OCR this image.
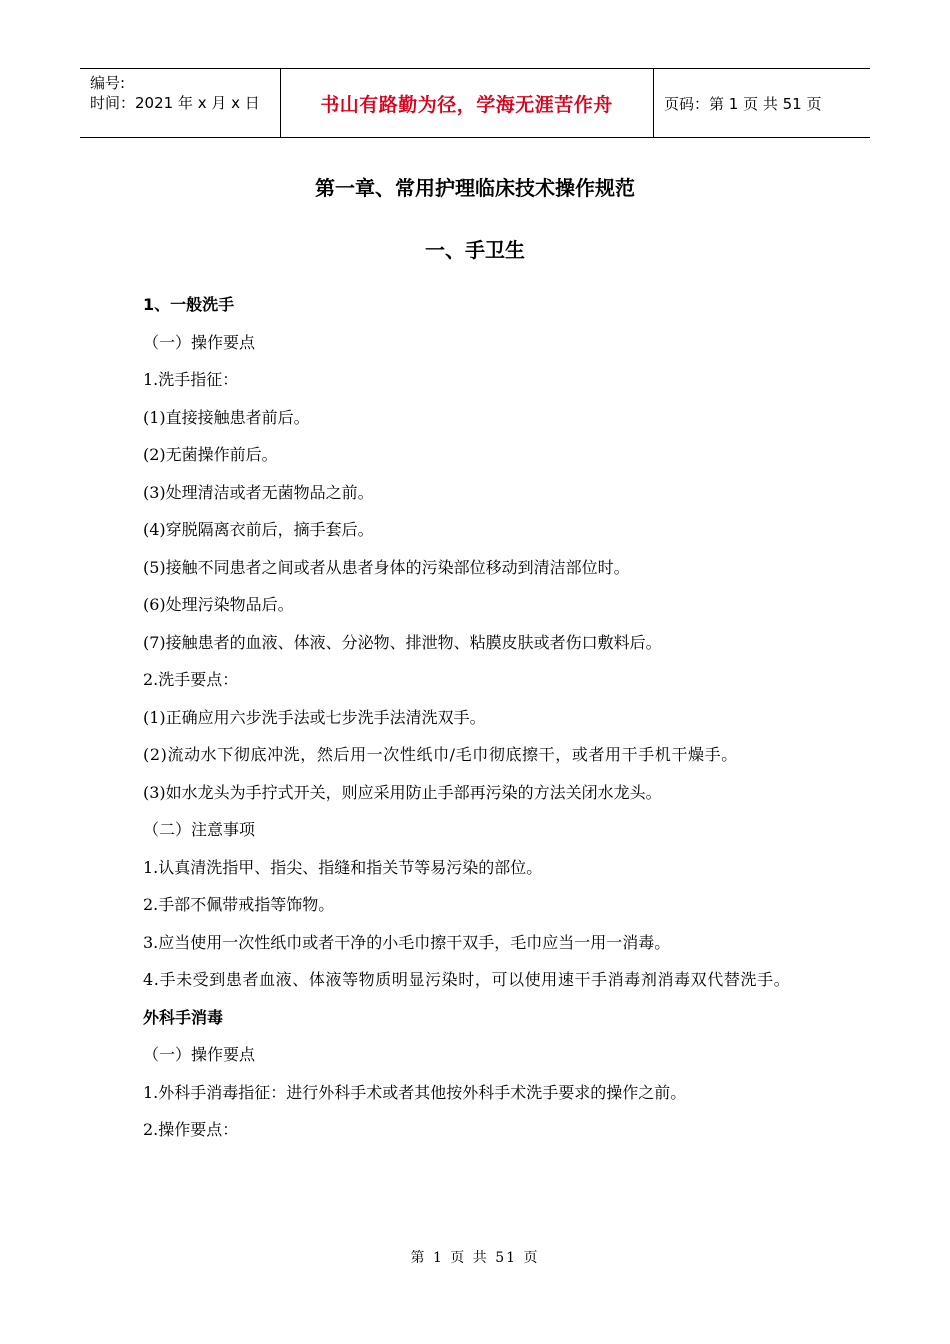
编号:
时间：2021 年 x 月 x 日	书山有路勤为径，学海无涯苦作舟	页码：第 1 页 共 51 页
第一章、常用护理临床技术操作规范
一、手卫生
1、一般洗手
（一）操作要点
1.洗手指征：
(1)直接接触患者前后。
(2)无菌操作前后。
(3)处理清洁或者无菌物品之前。
(4)穿脱隔离衣前后，摘手套后。
(5)接触不同患者之间或者从患者身体的污染部位移动到清洁部位时。
(6)处理污染物品后。
(7)接触患者的血液、体液、分泌物、排泄物、粘膜皮肤或者伤口敷料后。
2.洗手要点：
(1)正确应用六步洗手法或七步洗手法清洗双手。
(2)流动水下彻底冲洗，然后用一次性纸巾/毛巾彻底擦干，或者用干手机干燥手。
(3)如水龙头为手拧式开关，则应采用防止手部再污染的方法关闭水龙头。
（二）注意事项
1.认真清洗指甲、指尖、指缝和指关节等易污染的部位。
2.手部不佩带戒指等饰物。
3.应当使用一次性纸巾或者干净的小毛巾擦干双手，毛巾应当一用一消毒。
4.手未受到患者血液、体液等物质明显污染时，可以使用速干手消毒剂消毒双代替洗手。
外科手消毒
（一）操作要点
1.外科手消毒指征：进行外科手术或者其他按外科手术洗手要求的操作之前。
2.操作要点：
第 1 页 共 51 页
